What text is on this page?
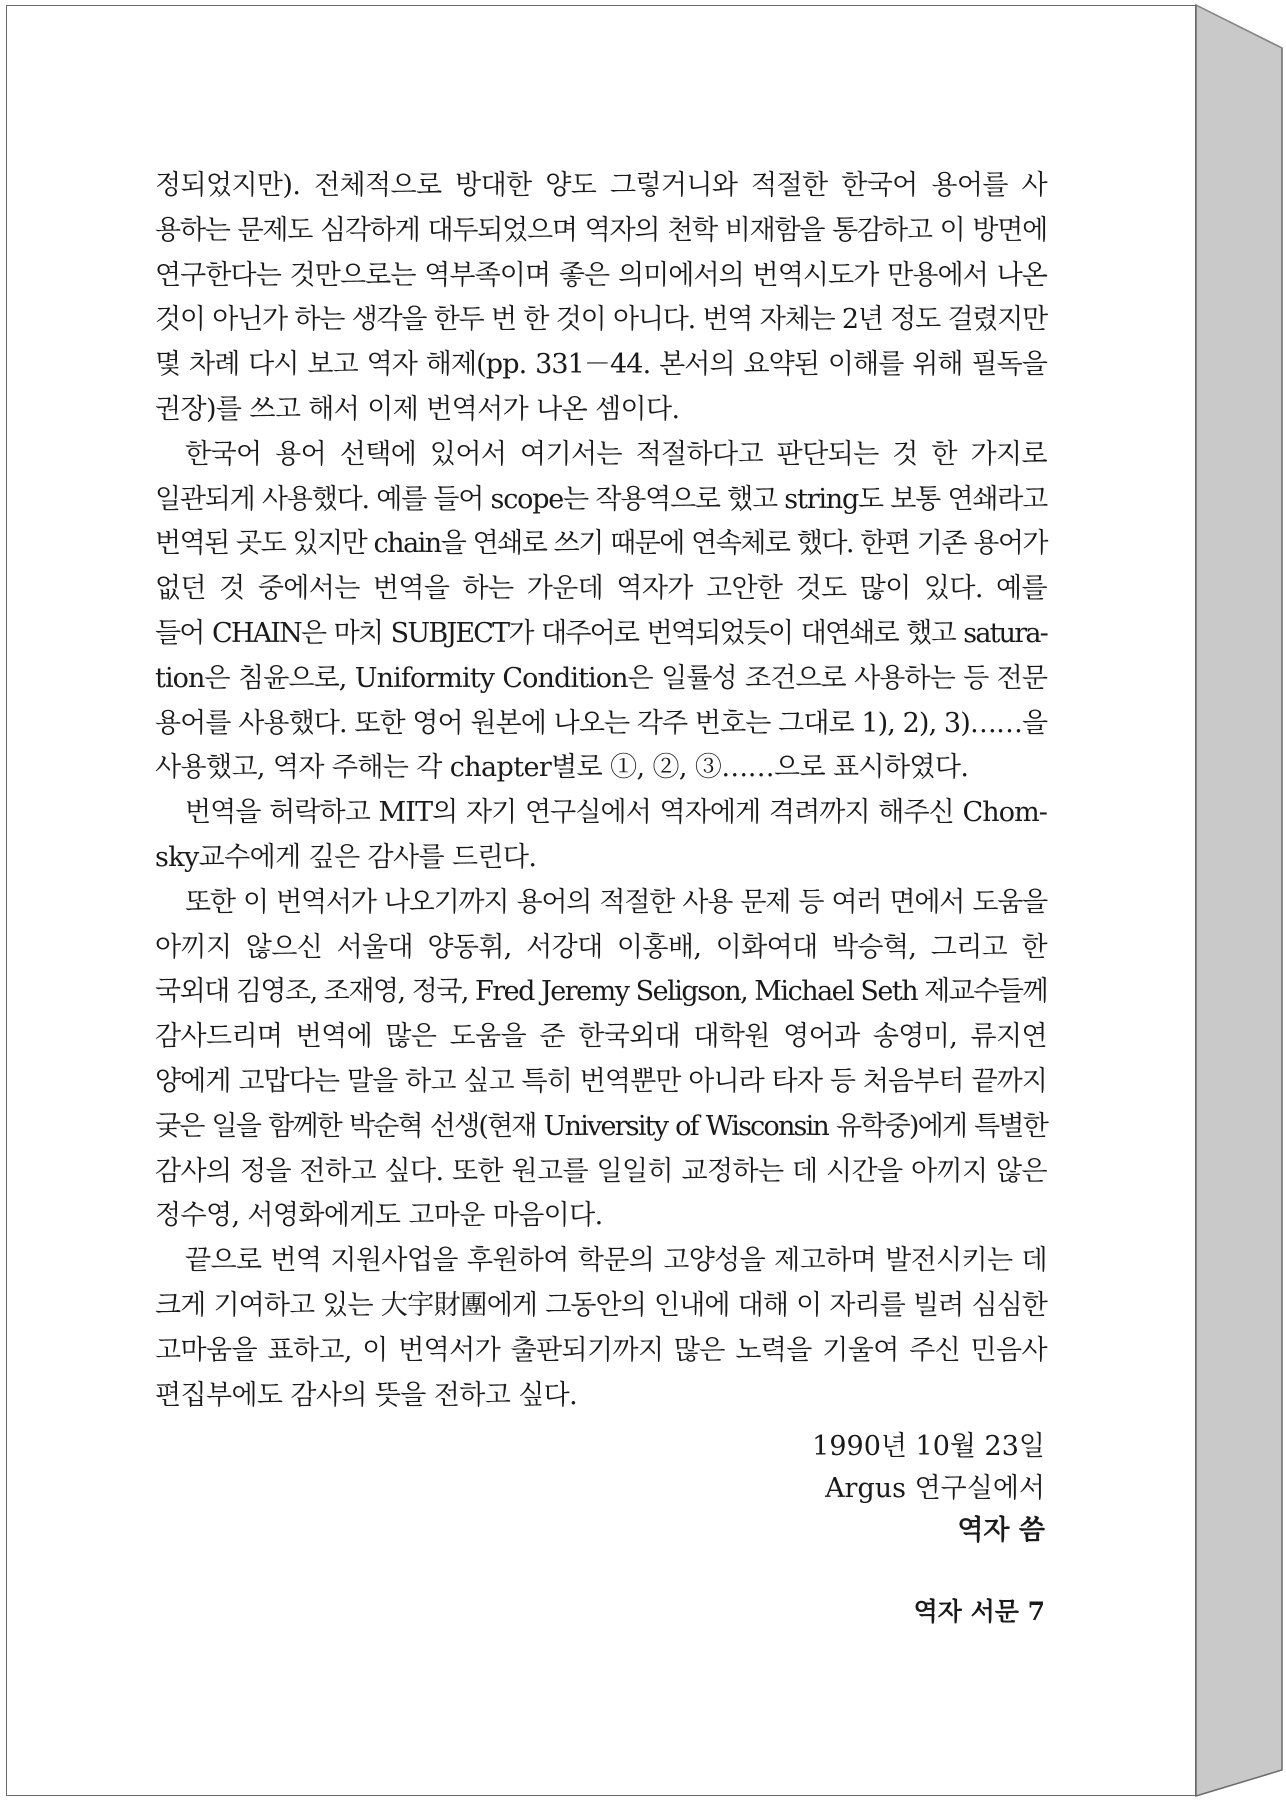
정되었지만). 전체적으로 방대한 양도 그렇거니와 적절한 한국어 용어를 사
용하는 문제도 심각하게 대두되었으며 역자의 천학 비재함을 통감하고 이 방면에
연구한다는 것만으로는 역부족이며 좋은 의미에서의 번역시도가 만용에서 나온
것이 아닌가 하는 생각을 한두 번 한 것이 아니다. 번역 자체는 2년 정도 걸렸지만
몇 차례 다시 보고 역자 해제(pp. 331－44. 본서의 요약된 이해를 위해 필독을
권장)를 쓰고 해서 이제 번역서가 나온 셈이다.
한국어 용어 선택에 있어서 여기서는 적절하다고 판단되는 것 한 가지로
일관되게 사용했다. 예를 들어 scope는 작용역으로 했고 string도 보통 연쇄라고
번역된 곳도 있지만 chain을 연쇄로 쓰기 때문에 연속체로 했다. 한편 기존 용어가
없던 것 중에서는 번역을 하는 가운데 역자가 고안한 것도 많이 있다. 예를
들어 CHAIN은 마치 SUBJECT가 대주어로 번역되었듯이 대연쇄로 했고 satura-
tion은 침윤으로, Uniformity Condition은 일률성 조건으로 사용하는 등 전문
용어를 사용했다. 또한 영어 원본에 나오는 각주 번호는 그대로 1), 2), 3)……을
사용했고, 역자 주해는 각 chapter별로 ①, ②, ③……으로 표시하였다.
번역을 허락하고 MIT의 자기 연구실에서 역자에게 격려까지 해주신 Chom-
sky교수에게 깊은 감사를 드린다.
또한 이 번역서가 나오기까지 용어의 적절한 사용 문제 등 여러 면에서 도움을
아끼지 않으신 서울대 양동휘, 서강대 이홍배, 이화여대 박승혁, 그리고 한
국외대 김영조, 조재영, 정국, Fred Jeremy Seligson, Michael Seth 제교수들께
감사드리며 번역에 많은 도움을 준 한국외대 대학원 영어과 송영미, 류지연
양에게 고맙다는 말을 하고 싶고 특히 번역뿐만 아니라 타자 등 처음부터 끝까지
궂은 일을 함께한 박순혁 선생(현재 University of Wisconsin 유학중)에게 특별한
감사의 정을 전하고 싶다. 또한 원고를 일일히 교정하는 데 시간을 아끼지 않은
정수영, 서영화에게도 고마운 마음이다.
끝으로 번역 지원사업을 후원하여 학문의 고양성을 제고하며 발전시키는 데
크게 기여하고 있는 大宇財團에게 그동안의 인내에 대해 이 자리를 빌려 심심한
고마움을 표하고, 이 번역서가 출판되기까지 많은 노력을 기울여 주신 민음사
편집부에도 감사의 뜻을 전하고 싶다.
1990년 10월 23일
Argus 연구실에서
역자 씀
역자 서문 7
